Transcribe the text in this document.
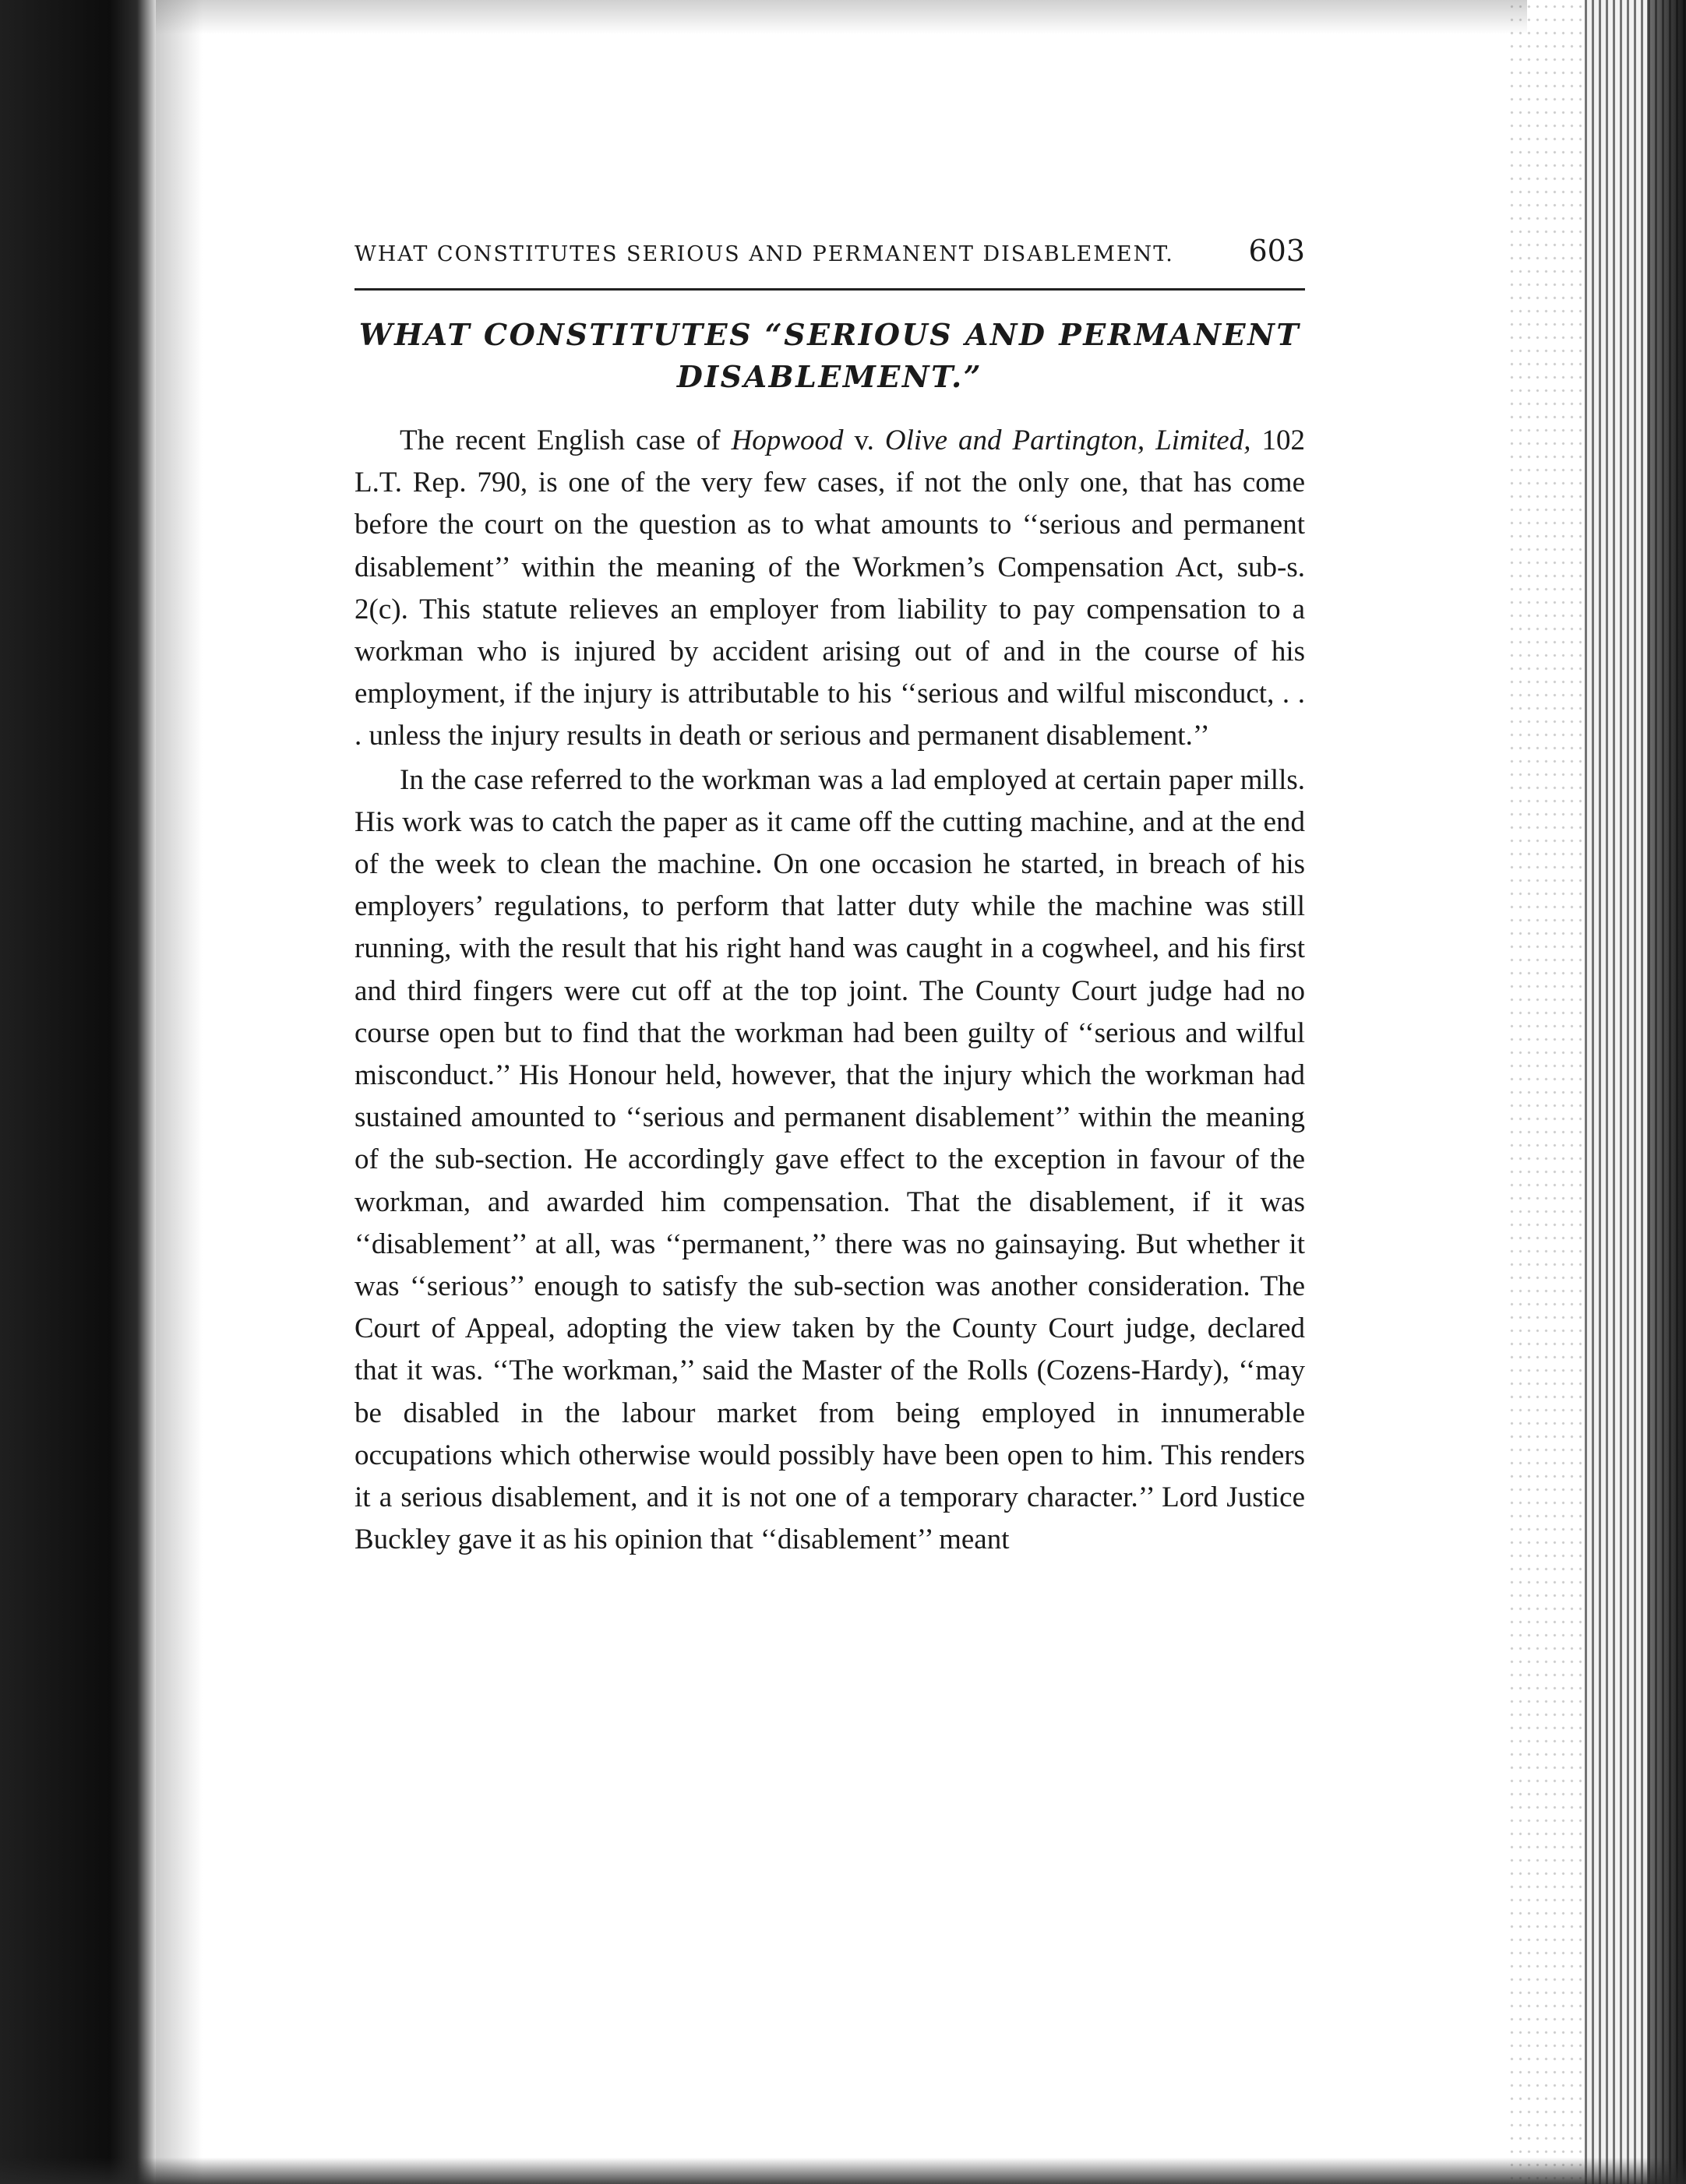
WHAT CONSTITUTES SERIOUS AND PERMANENT DISABLEMENT.	603
WHAT CONSTITUTES “SERIOUS AND PERMANENT
DISABLEMENT.”

The recent English case of Hopwood v. Olive and Partington, Limited, 102 L.T. Rep. 790, is one of the very few cases, if not the only one, that has come before the court on the question as to what amounts to ‘‘serious and permanent disablement’’ within the meaning of the Workmen’s Compensation Act, sub-s. 2(c). This statute relieves an employer from liability to pay compensation to a workman who is injured by accident arising out of and in the course of his employment, if the injury is attributable to his ‘‘serious and wilful misconduct, . . . unless the injury results in death or serious and permanent disablement.’’

In the case referred to the workman was a lad employed at certain paper mills. His work was to catch the paper as it came off the cutting machine, and at the end of the week to clean the machine. On one occasion he started, in breach of his employers’ regulations, to perform that latter duty while the machine was still running, with the result that his right hand was caught in a cogwheel, and his first and third fingers were cut off at the top joint. The County Court judge had no course open but to find that the workman had been guilty of ‘‘serious and wilful misconduct.’’ His Honour held, however, that the injury which the workman had sustained amounted to ‘‘serious and permanent disablement’’ within the meaning of the sub-section. He accordingly gave effect to the exception in favour of the workman, and awarded him compensation. That the disablement, if it was ‘‘disablement’’ at all, was ‘‘permanent,’’ there was no gainsaying. But whether it was ‘‘serious’’ enough to satisfy the sub-section was another consideration. The Court of Appeal, adopting the view taken by the County Court judge, declared that it was. ‘‘The workman,’’ said the Master of the Rolls (Cozens-Hardy), ‘‘may be disabled in the labour market from being employed in innumerable occupations which otherwise would possibly have been open to him. This renders it a serious disablement, and it is not one of a temporary character.’’ Lord Justice Buckley gave it as his opinion that ‘‘disablement’’ meant
